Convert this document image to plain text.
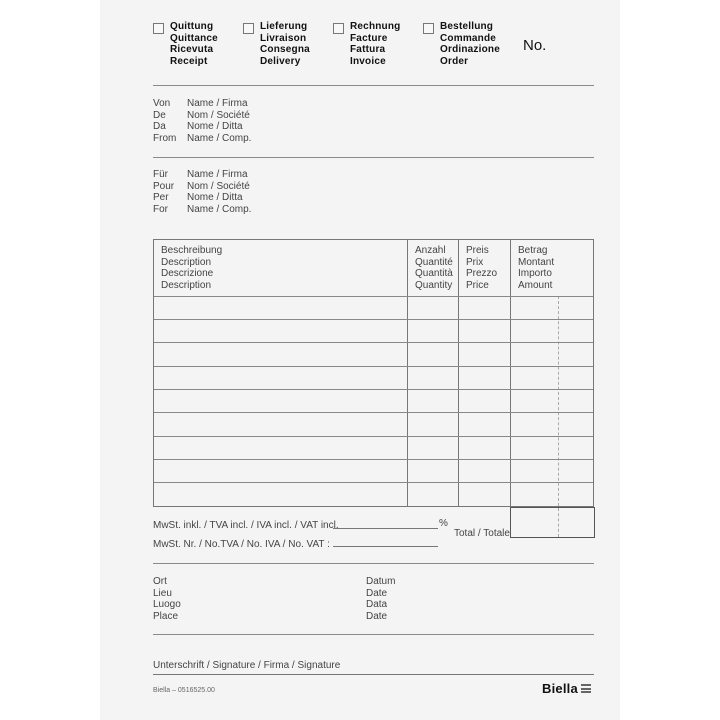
Quittung
Quittance
Ricevuta
Receipt
Lieferung
Livraison
Consegna
Delivery
Rechnung
Facture
Fattura
Invoice
Bestellung
Commande
Ordinazione
Order
No.
Von
De
Da
From
Name / Firma
Nom / Société
Nome / Ditta
Name / Comp.
Für
Pour
Per
For
Name / Firma
Nom / Société
Nome / Ditta
Name / Comp.
Beschreibung
Description
Descrizione
Description
Anzahl
Quantité
Quantità
Quantity
Preis
Prix
Prezzo
Price
Betrag
Montant
Importo
Amount
MwSt. inkl. / TVA incl. / IVA incl. / VAT incl.	%
MwSt. Nr. / No.TVA / No. IVA / No. VAT :
Total / Totale
Ort
Lieu
Luogo
Place
Datum
Date
Data
Date
Unterschrift / Signature / Firma / Signature
Biella – 0516525.00	Biella
